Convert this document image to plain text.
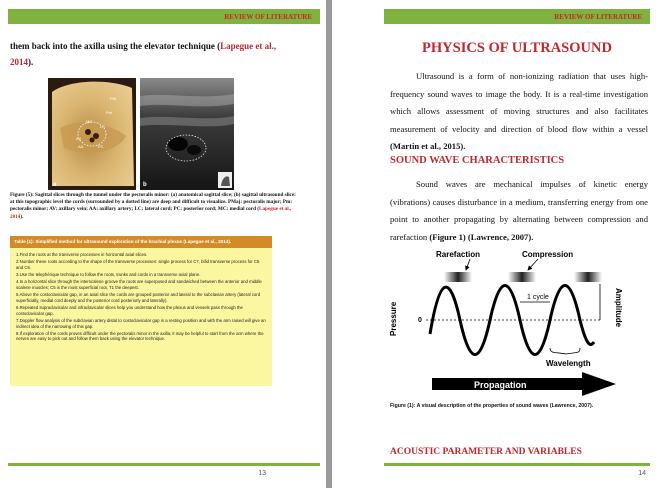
REVIEW OF LITERATURE
them back into the axilla using the elevator technique (Lapegue et al., 2014).
MC
LC
PC
AV
AA
Pm
PM
a	b
Figure (5): Sagittal slices through the tunnel under the pectoralis minor: (a) anatomical sagittal slice; (b) sagittal ultrasound slice: at this topographic level the cords (surrounded by a dotted line) are deep and difficult to visualize. PMaj: pectoralis major; Pm: pectoralis minor; AV: axillary vein; AA: axillary artery; LC: lateral cord; PC: posterior cord; MC: medial cord (Lapegue et al., 2014).
Table (1): Simplified method for ultrasound exploration of the brachial plexus (Lapegue et al., 2014).
1.Find the roots at the transverse processes in horizontal axial slices.
2.Number these roots according to the shape of the transverse processes: single process for C7, bifid transverse process for C5 and C6.
3.Use the telephérique technique to follow the roots, trunks and cords in a transverse axial plane.
4.In a horizontal slice through the interscalene groove the roots are superposed and sandwiched between the anterior and middle scalene muscles; C5 is the most superficial root, T1 the deepest.
5.Above the costoclavicular gap, in an axial slice the cords are grouped posterior and lateral to the subclavian artery (lateral cord superficially, medial cord deeply and the posterior cord posteriorly and laterally).
6.Repeated supraclavicular and infraclavicular slices help you understand how the plexus and vessels pass through the costoclavicular gap.
7.Doppler flow analysis of the subclavian artery distal to costoclavicular gap in a resting position and with the arm raised will give an indirect idea of the narrowing of this gap.
8.If exploration of the cords proves difficult under the pectoralis minor in the axilla, it may be helpful to start from the arm where the nerves are easy to pick out and follow them back using the elevator technique.
13
REVIEW OF LITERATURE
PHYSICS OF ULTRASOUND
Ultrasound is a form of non-ionizing radiation that uses high-frequency sound waves to image the body. It is a real-time investigation which allows assessment of moving structures and also facilitates measurement of velocity and direction of blood flow within a vessel (Martin et al., 2015).
SOUND WAVE CHARACTERISTICS
Sound waves are mechanical impulses of kinetic energy (vibrations) causes disturbance in a medium, transferring energy from one point to another propagating by alternating between compression and rarefaction (Figure 1) (Lawrence, 2007).
ACOUSTIC PARAMETER AND VARIABLES
14
Rarefaction	Compression
Pressure	0
1 cycle	Amplitude
Wavelength
Propagation
Figure (1): A visual description of the properties of sound waves (Lawrence, 2007).
